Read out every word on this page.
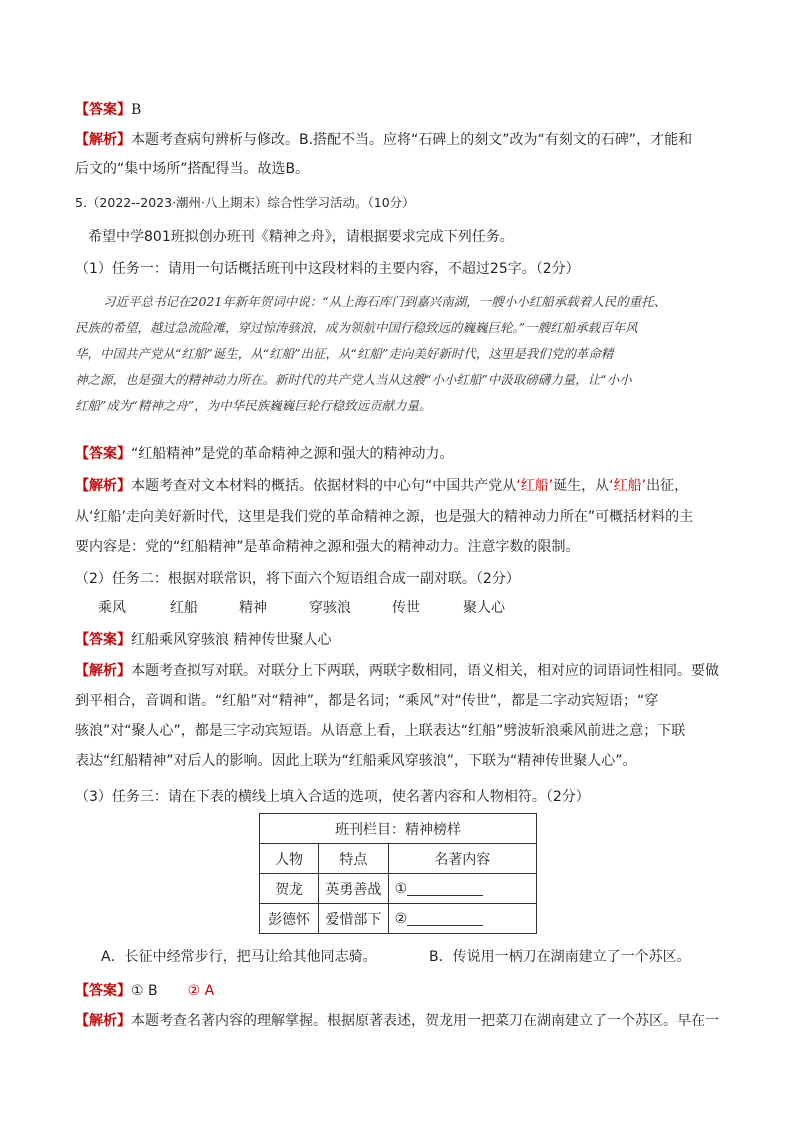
【答案】B
【解析】本题考查病句辨析与修改。B.搭配不当。应将“石碑上的刻文”改为“有刻文的石碑”，才能和
后文的“集中场所”搭配得当。故选B。
5.（2022--2023·潮州·八上期末）综合性学习活动。（10分）
希望中学801班拟创办班刊《精神之舟》，请根据要求完成下列任务。
（1）任务一：请用一句话概括班刊中这段材料的主要内容，不超过25字。（2分）
习近平总书记在2021年新年贺词中说：“从上海石库门到嘉兴南湖，一艘小小红船承载着人民的重托、
民族的希望，越过急流险滩，穿过惊涛骇浪，成为领航中国行稳致远的巍巍巨轮。”一艘红船承载百年风
华，中国共产党从“红船”诞生，从“红船”出征，从“红船”走向美好新时代，这里是我们党的革命精
神之源，也是强大的精神动力所在。新时代的共产党人当从这艘“小小红船”中汲取磅礴力量，让“小小
红船”成为“精神之舟”，为中华民族巍巍巨轮行稳致远贡献力量。
【答案】“红船精神”是党的革命精神之源和强大的精神动力。
【解析】本题考查对文本材料的概括。依据材料的中心句“中国共产党从‘红船’诞生，从‘红船’出征，
从‘红船’走向美好新时代，这里是我们党的革命精神之源，也是强大的精神动力所在”可概括材料的主
要内容是：党的“红船精神”是革命精神之源和强大的精神动力。注意字数的限制。
（2）任务二：根据对联常识，将下面六个短语组合成一副对联。（2分）
乘风	红船	精神	穿骇浪	传世	聚人心
【答案】红船乘风穿骇浪 精神传世聚人心
【解析】本题考查拟写对联。对联分上下两联，两联字数相同，语义相关，相对应的词语词性相同。要做
到平相合，音调和谐。“红船”对“精神”，都是名词；“乘风”对“传世”，都是二字动宾短语；“穿
骇浪”对“聚人心”，都是三字动宾短语。从语意上看，上联表达“红船”劈波斩浪乘风前进之意；下联
表达“红船精神”对后人的影响。因此上联为“红船乘风穿骇浪”，下联为“精神传世聚人心”。
（3）任务三：请在下表的横线上填入合适的选项，使名著内容和人物相符。（2分）
班刊栏目：精神榜样		
人物	特点	名著内容
贺龙	英勇善战	①
彭德怀	爱惜部下	②
A．长征中经常步行，把马让给其他同志骑。	B．传说用一柄刀在湖南建立了一个苏区。
【答案】① B ② A
【解析】本题考查名著内容的理解掌握。根据原著表述，贺龙用一把菜刀在湖南建立了一个苏区。早在一
